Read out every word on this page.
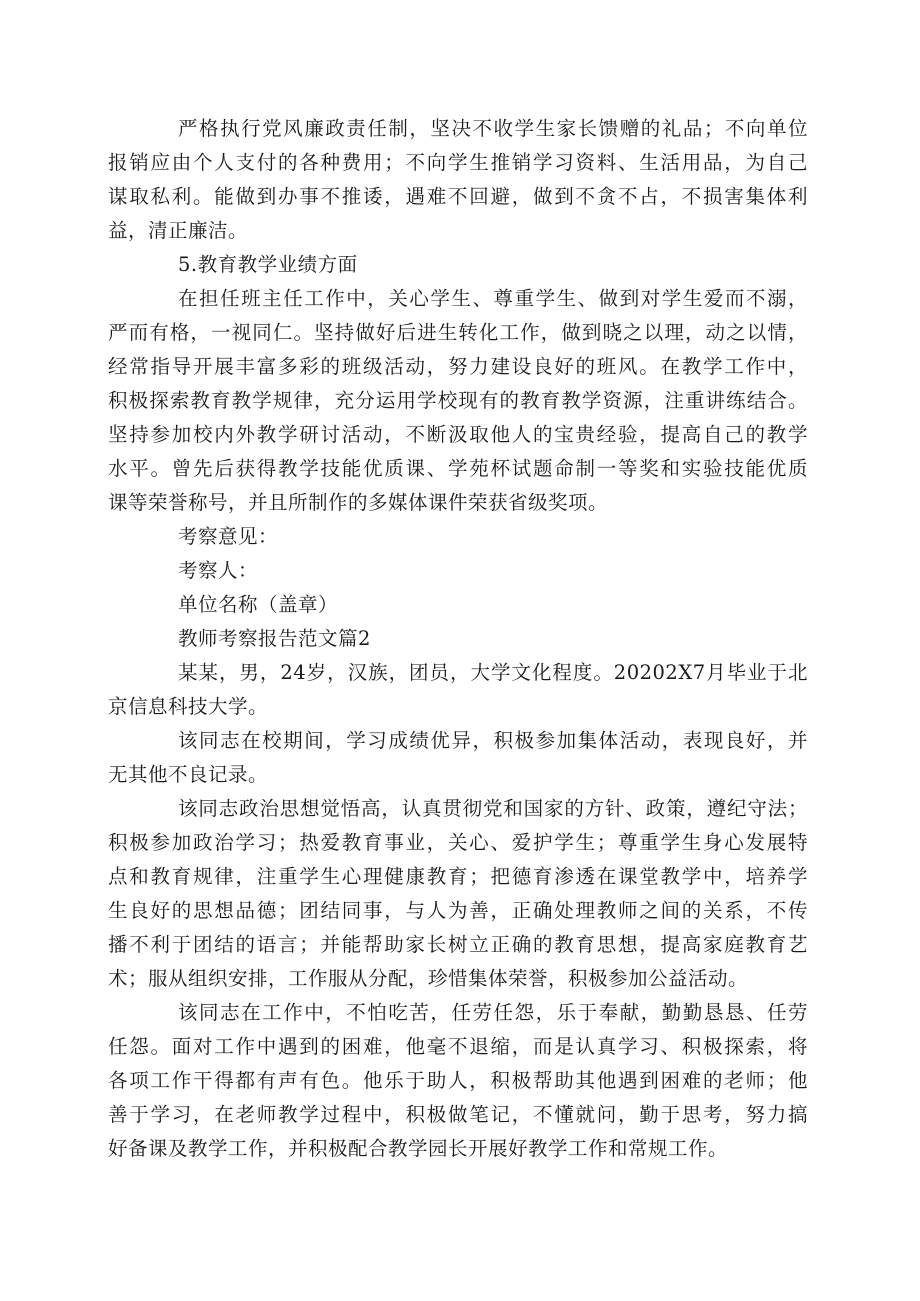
严格执行党风廉政责任制，坚决不收学生家长馈赠的礼品；不向单位
报销应由个人支付的各种费用；不向学生推销学习资料、生活用品，为自己
谋取私利。能做到办事不推诿，遇难不回避，做到不贪不占，不损害集体利
益，清正廉洁。
5.教育教学业绩方面
在担任班主任工作中，关心学生、尊重学生、做到对学生爱而不溺，
严而有格，一视同仁。坚持做好后进生转化工作，做到晓之以理，动之以情，
经常指导开展丰富多彩的班级活动，努力建设良好的班风。在教学工作中，
积极探索教育教学规律，充分运用学校现有的教育教学资源，注重讲练结合。
坚持参加校内外教学研讨活动，不断汲取他人的宝贵经验，提高自己的教学
水平。曾先后获得教学技能优质课、学苑杯试题命制一等奖和实验技能优质
课等荣誉称号，并且所制作的多媒体课件荣获省级奖项。
考察意见：
考察人：
单位名称（盖章）
教师考察报告范文篇2
某某，男，24岁，汉族，团员，大学文化程度。20202X7月毕业于北
京信息科技大学。
该同志在校期间，学习成绩优异，积极参加集体活动，表现良好，并
无其他不良记录。
该同志政治思想觉悟高，认真贯彻党和国家的方针、政策，遵纪守法；
积极参加政治学习；热爱教育事业，关心、爱护学生；尊重学生身心发展特
点和教育规律，注重学生心理健康教育；把德育渗透在课堂教学中，培养学
生良好的思想品德；团结同事，与人为善，正确处理教师之间的关系，不传
播不利于团结的语言；并能帮助家长树立正确的教育思想，提高家庭教育艺
术；服从组织安排，工作服从分配，珍惜集体荣誉，积极参加公益活动。
该同志在工作中，不怕吃苦，任劳任怨，乐于奉献，勤勤恳恳、任劳
任怨。面对工作中遇到的困难，他毫不退缩，而是认真学习、积极探索，将
各项工作干得都有声有色。他乐于助人，积极帮助其他遇到困难的老师；他
善于学习，在老师教学过程中，积极做笔记，不懂就问，勤于思考，努力搞
好备课及教学工作，并积极配合教学园长开展好教学工作和常规工作。
